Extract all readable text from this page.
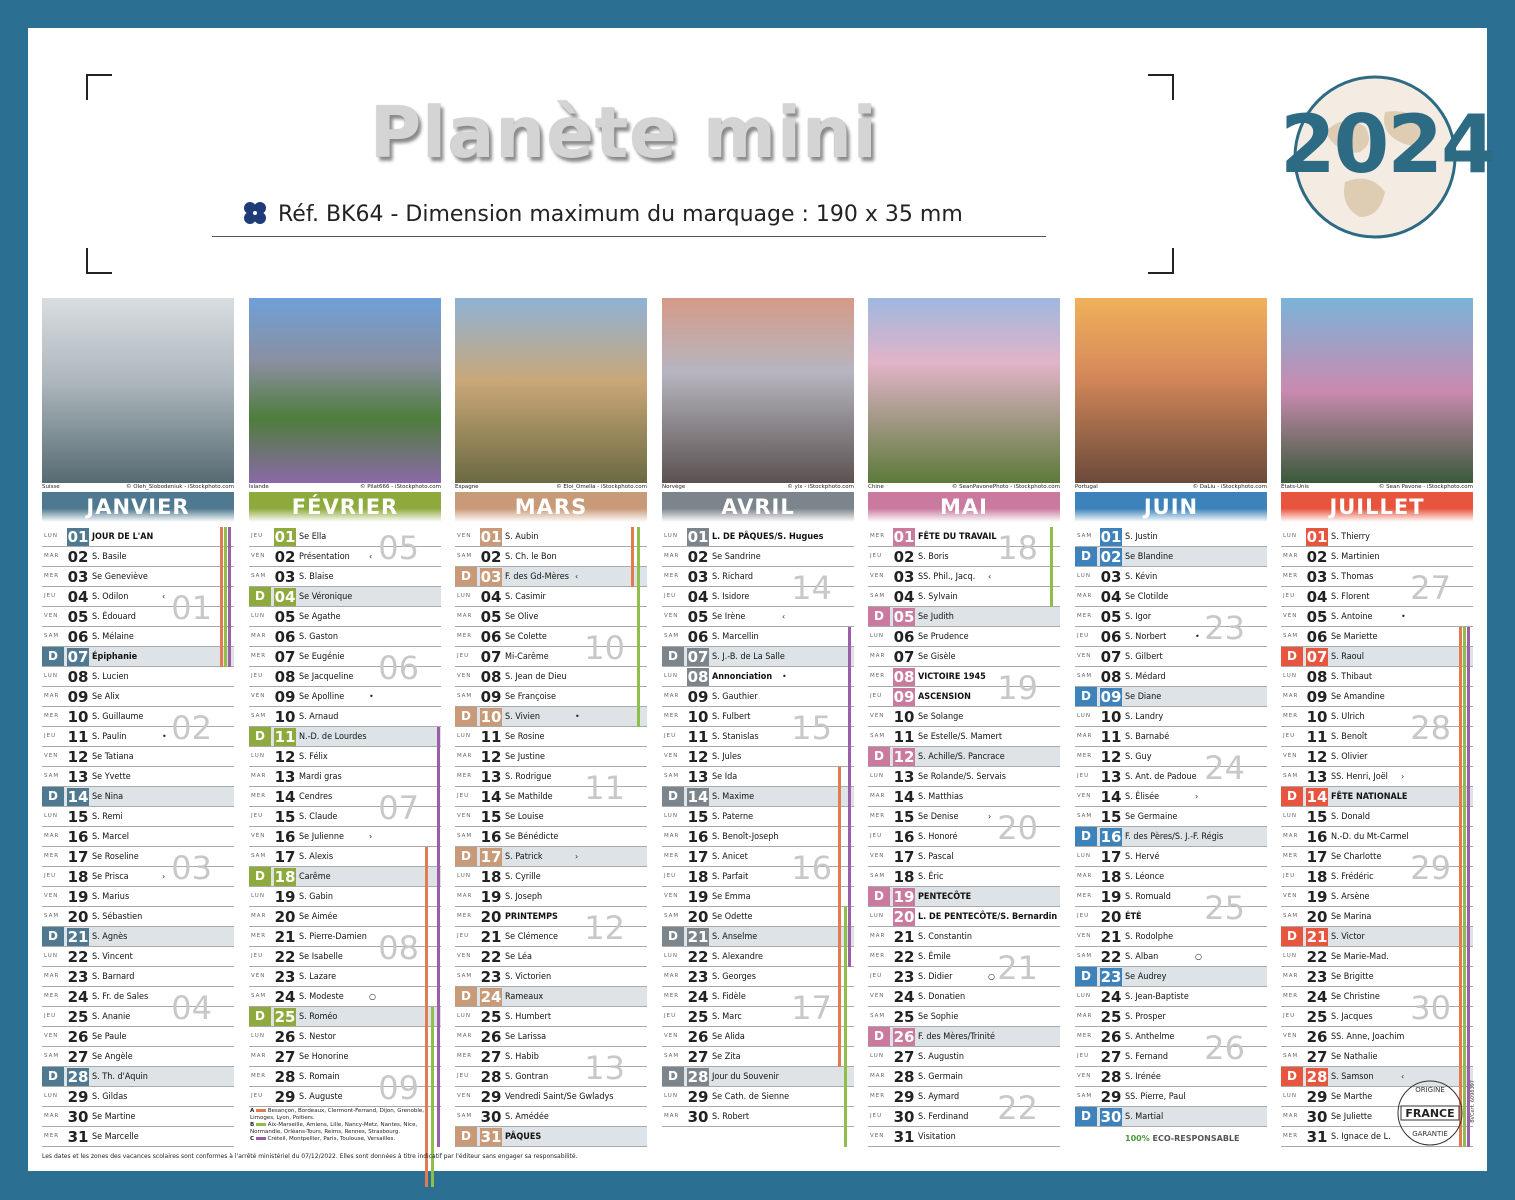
Planète mini
Réf. BK64 - Dimension maximum du marquage : 190 x 35 mm
2024
Suisse	© Oleh_Slobodeniuk - iStockphoto.com
JANVIER
LUN 01 JOUR DE L'AN
MAR 02 S. Basile
MER 03 Se Geneviève
JEU 04 S. Odilon
VEN 05 S. Édouard
SAM 06 S. Mélaine
D 07 Épiphanie
LUN 08 S. Lucien
MAR 09 Se Alix
MER 10 S. Guillaume
JEU 11 S. Paulin
VEN 12 Se Tatiana
SAM 13 Se Yvette
D 14 Se Nina
LUN 15 S. Remi
MAR 16 S. Marcel
MER 17 Se Roseline
JEU 18 Se Prisca
VEN 19 S. Marius
SAM 20 S. Sébastien
D 21 S. Agnès
LUN 22 S. Vincent
MAR 23 S. Barnard
MER 24 S. Fr. de Sales
JEU 25 S. Ananie
VEN 26 Se Paule
SAM 27 Se Angèle
D 28 S. Th. d'Aquin
LUN 29 S. Gildas
MAR 30 Se Martine
MER 31 Se Marcelle
01
02
03
04
•
‹
›
Islande	© Pilat666 - iStockphoto.com
FÉVRIER
JEU 01 Se Ella
VEN 02 Présentation
SAM 03 S. Blaise
D 04 Se Véronique
LUN 05 Se Agathe
MAR 06 S. Gaston
MER 07 Se Eugénie
JEU 08 Se Jacqueline
VEN 09 Se Apolline
SAM 10 S. Arnaud
D 11 N.-D. de Lourdes
LUN 12 S. Félix
MAR 13 Mardi gras
MER 14 Cendres
JEU 15 S. Claude
VEN 16 Se Julienne
SAM 17 S. Alexis
D 18 Carême
LUN 19 S. Gabin
MAR 20 Se Aimée
MER 21 S. Pierre-Damien
JEU 22 Se Isabelle
VEN 23 S. Lazare
SAM 24 S. Modeste
D 25 S. Roméo
LUN 26 S. Nestor
MAR 27 Se Honorine
MER 28 S. Romain
JEU 29 S. Auguste
05
06
07
08
09
•
›
○
‹
Espagne	© Eloi_Omella - iStockphoto.com
MARS
VEN 01 S. Aubin
SAM 02 S. Ch. le Bon
D 03 F. des Gd-Mères
LUN 04 S. Casimir
MAR 05 Se Olive
MER 06 Se Colette
JEU 07 Mi-Carême
VEN 08 S. Jean de Dieu
SAM 09 Se Françoise
D 10 S. Vivien
LUN 11 Se Rosine
MAR 12 Se Justine
MER 13 S. Rodrigue
JEU 14 Se Mathilde
VEN 15 Se Louise
SAM 16 Se Bénédicte
D 17 S. Patrick
LUN 18 S. Cyrille
MAR 19 S. Joseph
MER 20 PRINTEMPS
JEU 21 Se Clémence
VEN 22 Se Léa
SAM 23 S. Victorien
D 24 Rameaux
LUN 25 S. Humbert
MAR 26 Se Larissa
MER 27 S. Habib
JEU 28 S. Gontran
VEN 29 Vendredi Saint/Se Gwladys
SAM 30 S. Amédée
D 31 PÂQUES
10
11
12
13
•
‹
›
Norvège	© ylx - iStockphoto.com
AVRIL
LUN 01 L. DE PÂQUES/S. Hugues
MAR 02 Se Sandrine
MER 03 S. Richard
JEU 04 S. Isidore
VEN 05 Se Irène
SAM 06 S. Marcellin
D 07 S. J.-B. de La Salle
LUN 08 Annonciation
MAR 09 S. Gauthier
MER 10 S. Fulbert
JEU 11 S. Stanislas
VEN 12 S. Jules
SAM 13 Se Ida
D 14 S. Maxime
LUN 15 S. Paterne
MAR 16 S. Benoît-Joseph
MER 17 S. Anicet
JEU 18 S. Parfait
VEN 19 Se Emma
SAM 20 Se Odette
D 21 S. Anselme
LUN 22 S. Alexandre
MAR 23 S. Georges
MER 24 S. Fidèle
JEU 25 S. Marc
VEN 26 Se Alida
SAM 27 Se Zita
D 28 Jour du Souvenir
LUN 29 Se Cath. de Sienne
MAR 30 S. Robert
14
15
16
17
•
‹
Chine	© SeanPavonePhoto - iStockphoto.com
MAI
MER 01 FÊTE DU TRAVAIL
JEU 02 S. Boris
VEN 03 SS. Phil., Jacq.
SAM 04 S. Sylvain
D 05 Se Judith
LUN 06 Se Prudence
MAR 07 Se Gisèle
MER 08 VICTOIRE 1945
JEU 09 ASCENSION
VEN 10 Se Solange
SAM 11 Se Estelle/S. Mamert
D 12 S. Achille/S. Pancrace
LUN 13 Se Rolande/S. Servais
MAR 14 S. Matthias
MER 15 Se Denise
JEU 16 S. Honoré
VEN 17 S. Pascal
SAM 18 S. Éric
D 19 PENTECÔTE
LUN 20 L. DE PENTECÔTE/S. Bernardin
MAR 21 S. Constantin
MER 22 S. Émile
JEU 23 S. Didier
VEN 24 S. Donatien
SAM 25 Se Sophie
D 26 F. des Mères/Trinité
LUN 27 S. Augustin
MAR 28 S. Germain
MER 29 S. Aymard
JEU 30 S. Ferdinand
VEN 31 Visitation
18
19
20
21
22
›
○
‹
Portugal	© DaLiu - iStockphoto.com
JUIN
SAM 01 S. Justin
D 02 Se Blandine
LUN 03 S. Kévin
MAR 04 Se Clotilde
MER 05 S. Igor
JEU 06 S. Norbert
VEN 07 S. Gilbert
SAM 08 S. Médard
D 09 Se Diane
LUN 10 S. Landry
MAR 11 S. Barnabé
MER 12 S. Guy
JEU 13 S. Ant. de Padoue
VEN 14 S. Élisée
SAM 15 Se Germaine
D 16 F. des Pères/S. J.-F. Régis
LUN 17 S. Hervé
MAR 18 S. Léonce
MER 19 S. Romuald
JEU 20 ÉTÉ
VEN 21 S. Rodolphe
SAM 22 S. Alban
D 23 Se Audrey
LUN 24 S. Jean-Baptiste
MAR 25 S. Prosper
MER 26 S. Anthelme
JEU 27 S. Fernand
VEN 28 S. Irénée
SAM 29 SS. Pierre, Paul
D 30 S. Martial
23
24
25
26
•
○
›
États-Unis	© Sean Pavone - iStockphoto.com
JUILLET
LUN 01 S. Thierry
MAR 02 S. Martinien
MER 03 S. Thomas
JEU 04 S. Florent
VEN 05 S. Antoine
SAM 06 Se Mariette
D 07 S. Raoul
LUN 08 S. Thibaut
MAR 09 Se Amandine
MER 10 S. Ulrich
JEU 11 S. Benoît
VEN 12 S. Olivier
SAM 13 SS. Henri, Joël
D 14 FÊTE NATIONALE
LUN 15 S. Donald
MAR 16 N.-D. du Mt-Carmel
MER 17 Se Charlotte
JEU 18 S. Frédéric
VEN 19 S. Arsène
SAM 20 Se Marina
D 21 S. Victor
LUN 22 Se Marie-Mad.
MAR 23 Se Brigitte
MER 24 Se Christine
JEU 25 S. Jacques
VEN 26 SS. Anne, Joachim
SAM 27 Se Nathalie
D 28 S. Samson
LUN 29 Se Marthe
MAR 30 Se Juliette
MER 31 S. Ignace de L.
27
28
29
30
•
›
‹
A Besançon, Bordeaux, Clermont-Ferrand, Dijon, Grenoble, Limoges, Lyon, Poitiers.
B Aix-Marseille, Amiens, Lille, Nancy-Metz, Nantes, Nice, Normandie, Orléans-Tours, Reims, Rennes, Strasbourg.
C Créteil, Montpellier, Paris, Toulouse, Versailles.
Les dates et les zones des vacances scolaires sont conformes à l'arrêté ministériel du 07/12/2022. Elles sont données à titre indicatif par l'éditeur sans engager sa responsabilité.
100% ECO-RESPONSABLE
ORIGINE
FRANCE
GARANTIE
BVCert. 6098397
